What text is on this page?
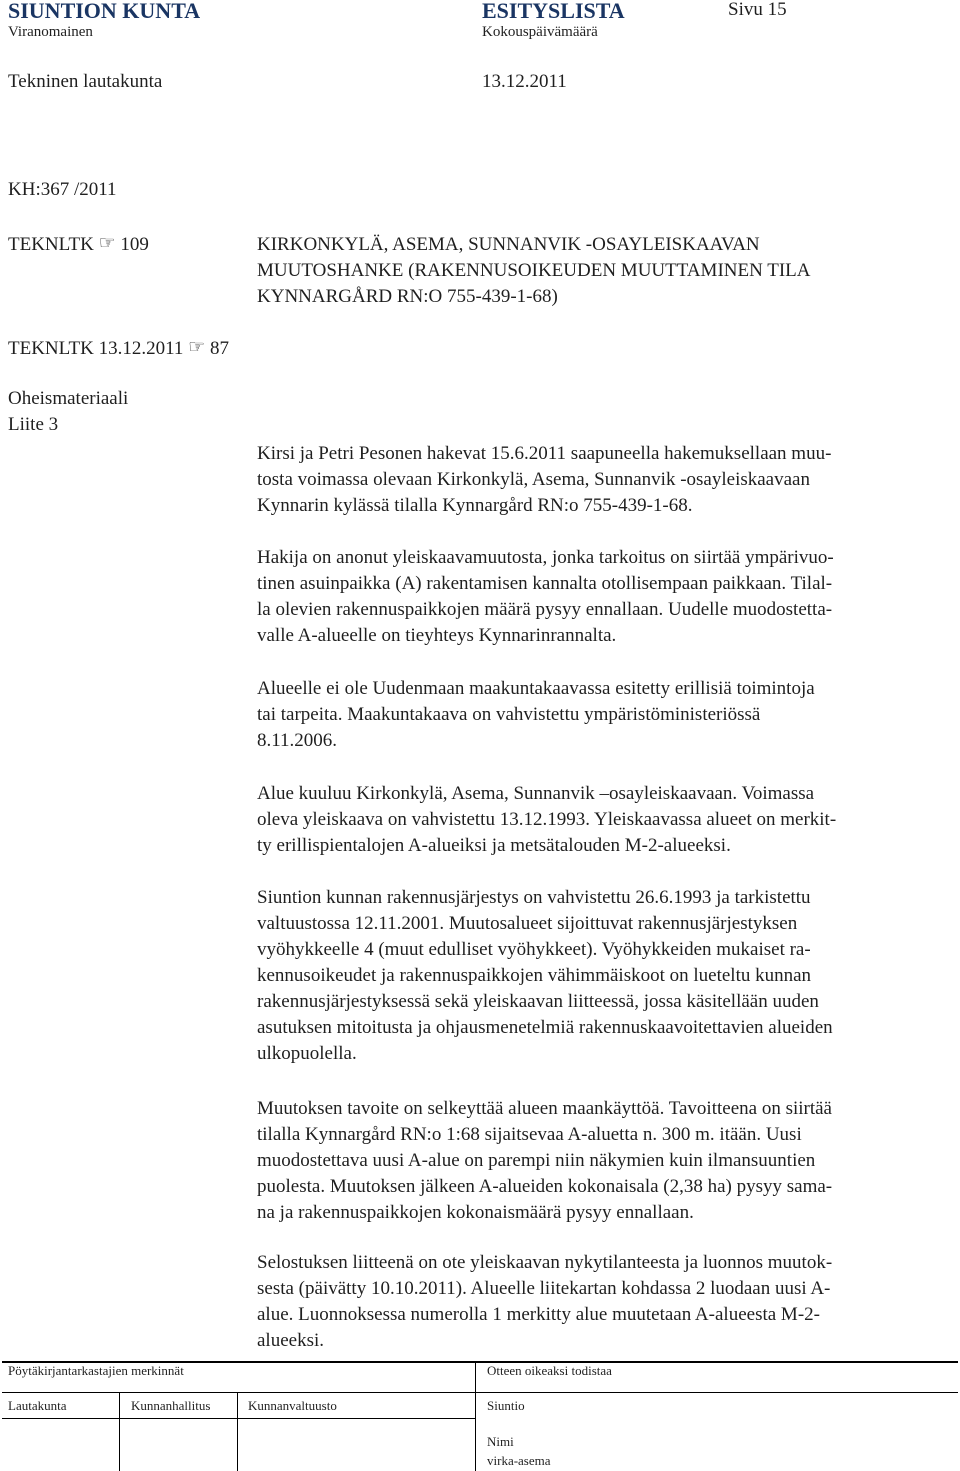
SIUNTION KUNTA
Viranomainen
ESITYSLISTA
Kokouspäivämäärä
Sivu 15
Tekninen lautakunta	13.12.2011
KH:367 /2011
TEKNLTK ☞ 109	KIRKONKYLÄ, ASEMA, SUNNANVIK -OSAYLEISKAAVAN
MUUTOSHANKE (RAKENNUSOIKEUDEN MUUTTAMINEN TILA
KYNNARGÅRD RN:O 755-439-1-68)
TEKNLTK 13.12.2011 ☞ 87
Oheismateriaali
Liite 3
Kirsi ja Petri Pesonen hakevat 15.6.2011 saapuneella hakemuksellaan muu-
tosta voimassa olevaan Kirkonkylä, Asema, Sunnanvik -osayleiskaavaan
Kynnarin kylässä tilalla Kynnargård RN:o 755-439-1-68.
Hakija on anonut yleiskaavamuutosta, jonka tarkoitus on siirtää ympärivuo-
tinen asuinpaikka (A) rakentamisen kannalta otollisempaan paikkaan. Tilal-
la olevien rakennuspaikkojen määrä pysyy ennallaan. Uudelle muodostetta-
valle A-alueelle on tieyhteys Kynnarinrannalta.
Alueelle ei ole Uudenmaan maakuntakaavassa esitetty erillisiä toimintoja
tai tarpeita. Maakuntakaava on vahvistettu ympäristöministeriössä
8.11.2006.
Alue kuuluu Kirkonkylä, Asema, Sunnanvik –osayleiskaavaan. Voimassa
oleva yleiskaava on vahvistettu 13.12.1993. Yleiskaavassa alueet on merkit-
ty erillispientalojen A-alueiksi ja metsätalouden M-2-alueeksi.
Siuntion kunnan rakennusjärjestys on vahvistettu 26.6.1993 ja tarkistettu
valtuustossa 12.11.2001. Muutosalueet sijoittuvat rakennusjärjestyksen
vyöhykkeelle 4 (muut edulliset vyöhykkeet). Vyöhykkeiden mukaiset ra-
kennusoikeudet ja rakennuspaikkojen vähimmäiskoot on lueteltu kunnan
rakennusjärjestyksessä sekä yleiskaavan liitteessä, jossa käsitellään uuden
asutuksen mitoitusta ja ohjausmenetelmiä rakennuskaavoitettavien alueiden
ulkopuolella.
Muutoksen tavoite on selkeyttää alueen maankäyttöä. Tavoitteena on siirtää
tilalla Kynnargård RN:o 1:68 sijaitsevaa A-aluetta n. 300 m. itään. Uusi
muodostettava uusi A-alue on parempi niin näkymien kuin ilmansuuntien
puolesta. Muutoksen jälkeen A-alueiden kokonaisala (2,38 ha) pysyy sama-
na ja rakennuspaikkojen kokonaismäärä pysyy ennallaan.
Selostuksen liitteenä on ote yleiskaavan nykytilanteesta ja luonnos muutok-
sesta (päivätty 10.10.2011). Alueelle liitekartan kohdassa 2 luodaan uusi A-
alue. Luonnoksessa numerolla 1 merkitty alue muutetaan A-alueesta M-2-
alueeksi.
Pöytäkirjantarkastajien merkinnät
Lautakunta	Kunnanhallitus	Kunnanvaltuusto
Otteen oikeaksi todistaa
Siuntio
Nimi
virka-asema
